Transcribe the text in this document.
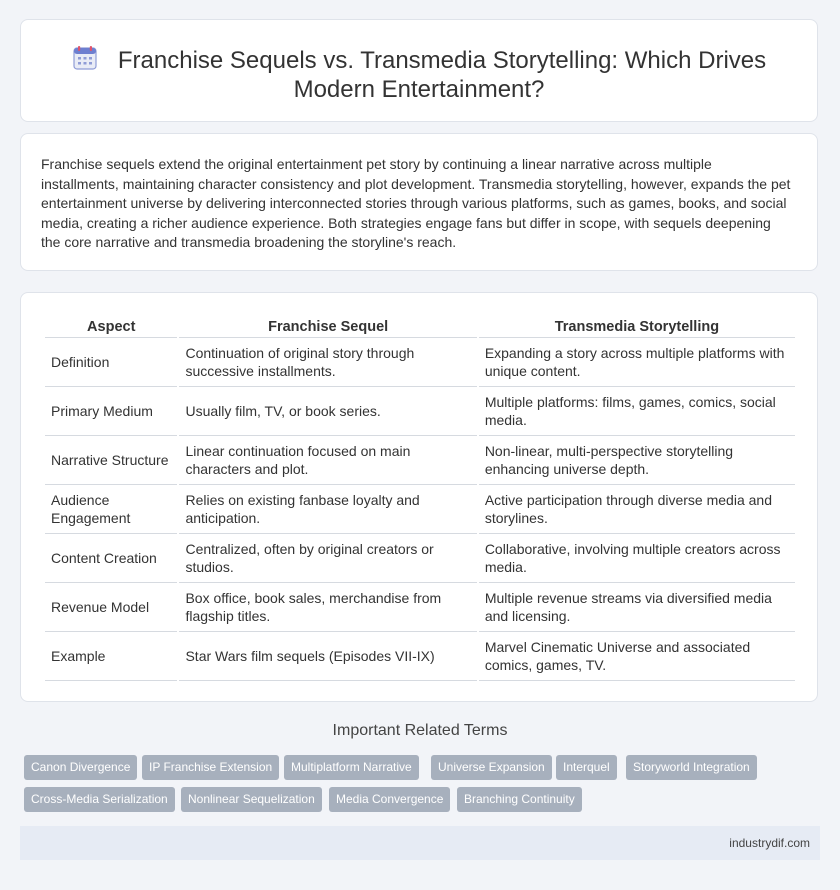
Franchise Sequels vs. Transmedia Storytelling: Which Drives
Modern Entertainment?

Franchise sequels extend the original entertainment pet story by continuing a linear narrative across multiple installments, maintaining character consistency and plot development. Transmedia storytelling, however, expands the pet entertainment universe by delivering interconnected stories through various platforms, such as games, books, and social media, creating a richer audience experience. Both strategies engage fans but differ in scope, with sequels deepening the core narrative and transmedia broadening the storyline's reach.

Aspect	Franchise Sequel	Transmedia Storytelling
Definition	Continuation of original story through successive installments.	Expanding a story across multiple platforms with unique content.
Primary Medium	Usually film, TV, or book series.	Multiple platforms: films, games, comics, social media.
Narrative Structure	Linear continuation focused on main characters and plot.	Non-linear, multi-perspective storytelling enhancing universe depth.
Audience Engagement	Relies on existing fanbase loyalty and anticipation.	Active participation through diverse media and storylines.
Content Creation	Centralized, often by original creators or studios.	Collaborative, involving multiple creators across media.
Revenue Model	Box office, book sales, merchandise from flagship titles.	Multiple revenue streams via diversified media and licensing.
Example	Star Wars film sequels (Episodes VII-IX)	Marvel Cinematic Universe and associated comics, games, TV.
Important Related Terms
Canon Divergence	IP Franchise Extension	Multiplatform Narrative	Universe Expansion	Interquel	Storyworld Integration
Cross-Media Serialization	Nonlinear Sequelization	Media Convergence	Branching Continuity
industrydif.com
